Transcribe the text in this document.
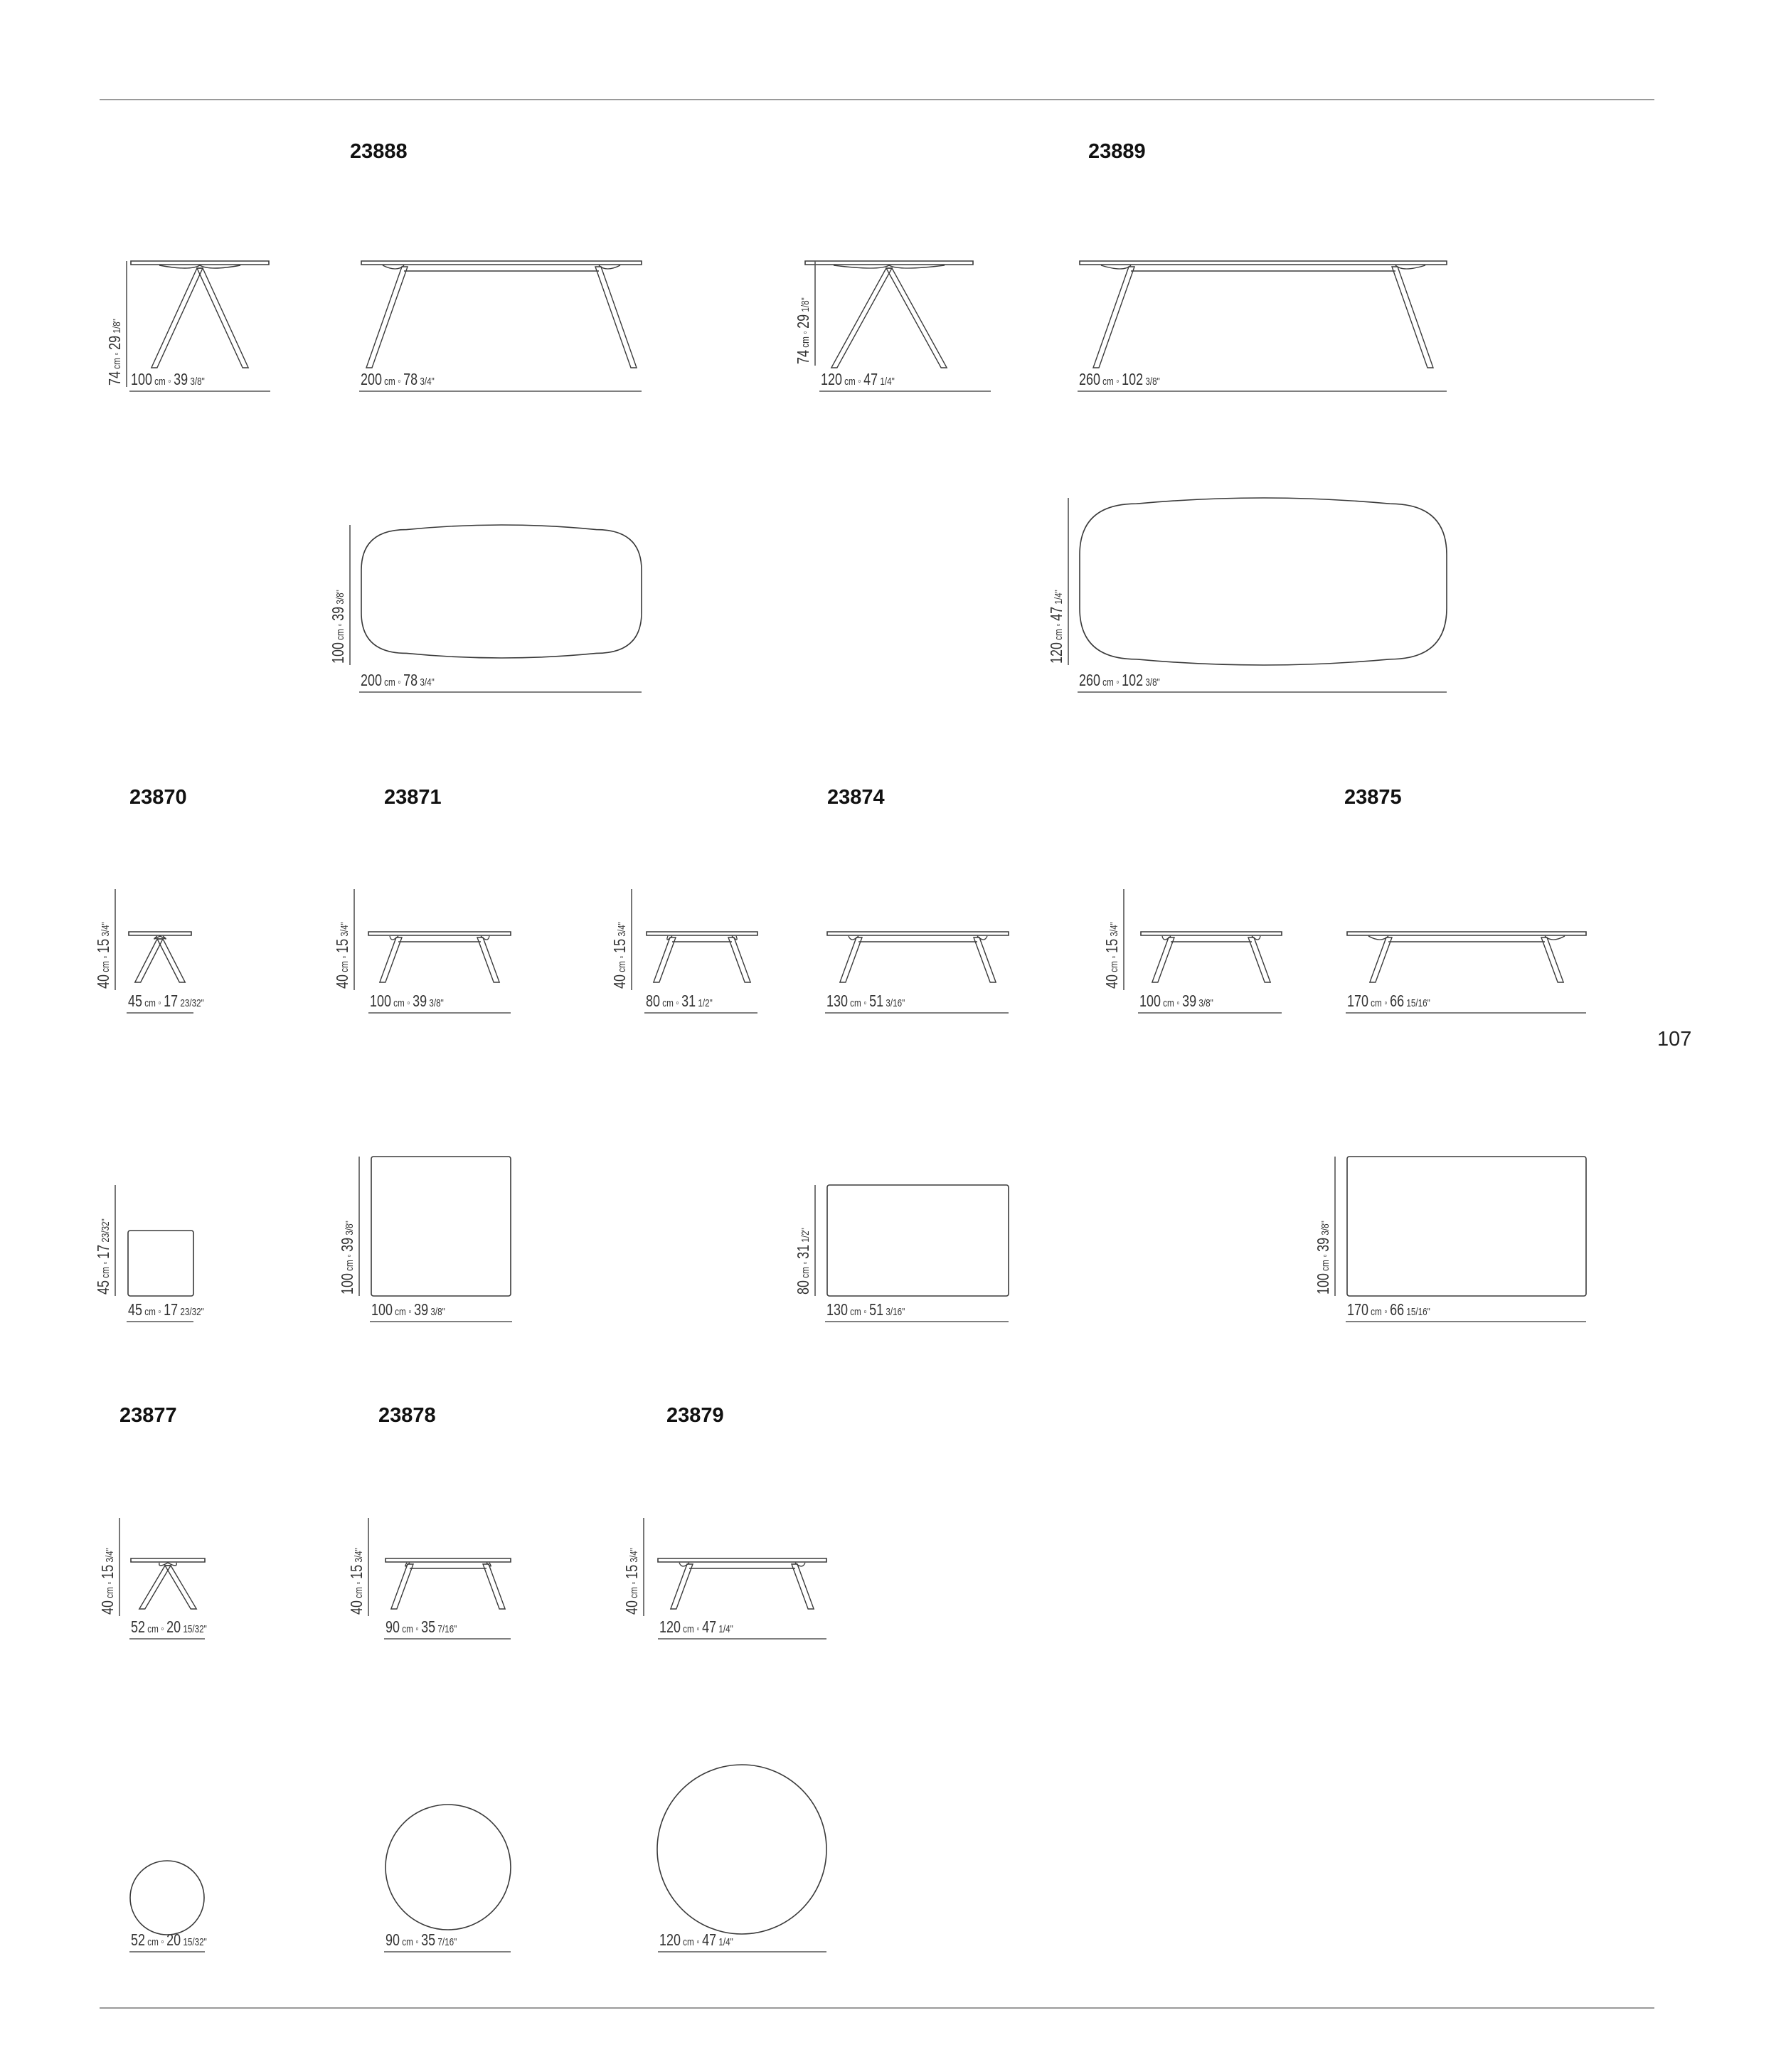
107
23888	23889
23870	23871	23874	23875
23877	23878	23879
74 cm ◦ 29 1/8"
100 cm ◦ 39 3/8"	200 cm ◦ 78 3/4"
100 cm ◦ 39 3/8"
200 cm ◦ 78 3/4"
74 cm ◦ 29 1/8"
120 cm ◦ 47 1/4"	260 cm ◦ 102 3/8"
120 cm ◦ 47 1/4"
260 cm ◦ 102 3/8"
40 cm ◦ 15 3/4"
45 cm ◦ 17 23/32"
45 cm ◦ 17 23/32"
45 cm ◦ 17 23/32"
40 cm ◦ 15 3/4"
100 cm ◦ 39 3/8"
100 cm ◦ 39 3/8"
100 cm ◦ 39 3/8"
40 cm ◦ 15 3/4"
80 cm ◦ 31 1/2"	130 cm ◦ 51 3/16"
80 cm ◦ 31 1/2"
130 cm ◦ 51 3/16"
40 cm ◦ 15 3/4"
100 cm ◦ 39 3/8"	170 cm ◦ 66 15/16"
100 cm ◦ 39 3/8"
170 cm ◦ 66 15/16"
40 cm ◦ 15 3/4"
52 cm ◦ 20 15/32"
52 cm ◦ 20 15/32"
40 cm ◦ 15 3/4"
90 cm ◦ 35 7/16"
90 cm ◦ 35 7/16"
40 cm ◦ 15 3/4"
120 cm ◦ 47 1/4"
120 cm ◦ 47 1/4"
